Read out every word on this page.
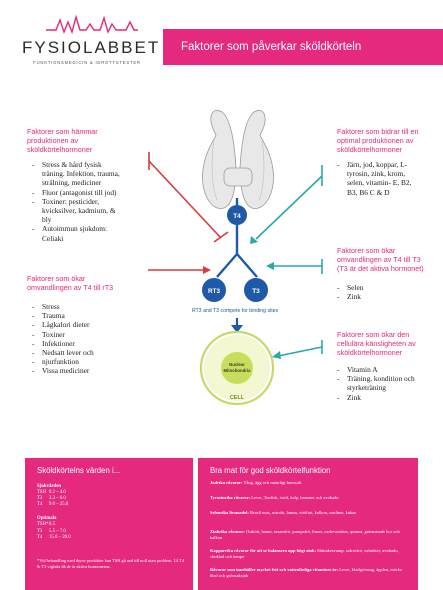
FYSIOLABBET
FUNKTIONSMEDICIN & IDROTTSTESTER
Faktorer som påverkar sköldkörteln
T4
RT3	T3
RT3 and T3 compete for binding sites
Nuclear
Mitochondria
CELL
Faktorer som hämmar
produktionen av
sköldkörtelhormoner
- Stress & hård fysisk
träning. Infektion, trauma,
strålning, mediciner
- Fluor (antagonist till jod)
- Toxiner: pesticider,
kvicksilver, kadmium, &
bly
- Autoimmun sjukdom:
Celiaki
Faktorer som ökar
omvandlingen av T4 till rT3
- Stress
- Trauma
- Lågkalori dieter
- Toxiner
- Infektioner
- Nedsatt lever och
- njurfunktion
- Vissa mediciner
Faktorer som bidrar till en
optimal produktionen av
sköldkörtelhormoner
- Järn, jod, koppar, L-
tyrosin, zink, krom,
selen, vitamin- E, B2,
B3, B6 C & D
Faktorer som ökar
omvandlingen av T4 till T3
(T3 är det aktiva hormonet)
- Selen
- Zink
Faktorer som ökar den
cellulära känsligheten av
sköldkörtelhormoner
- Vitamin A
- Träning, kondition och
styrketräning
- Zink
Sköldkörtelns värden i...
Sjukvården
TSH 0.2 – 4.0
T3	3.3 – 6.0
T4	9.0 – 25.0
Optimala
TSH* 0.5
T3	5.5 – 7.0
T4	15.0 – 20.0
*Vid behandling med thyro-produkter kan TSH gå ned till noll utan problem. Lå T4 & T3 viglada då de är aktiva hormonerna.
Bra mat för god sköldkörtelfunktion
Jodrika råvaror: Tång, ägg och naturligt havssalt
Tyrosinrika råvaror: Lever, Tonfisk, tonfi, kalp, bananer och avokado
Selenrika livsmedel: Brazil nuts, ostrohi, lamm, vitöfiot, kalkon, sardiner, kakao
Zinkrika råvaror: Ostkött, lamm, sesamfrö, pumpafrö, linser, cashewnötter, quinoa, gräsmatade kor och kalkon
Kopparrika råvaror för att se balansera upp högt zink: Shiitakesvamp, solrosfrö, valnötter, avokado, choklad och tempe.
Råvaror som innehåller mycket fett och vattenlösliga vitaminer är: Lever, bladgrönsag, äpplen, mörka blad och grönsaksjuk
